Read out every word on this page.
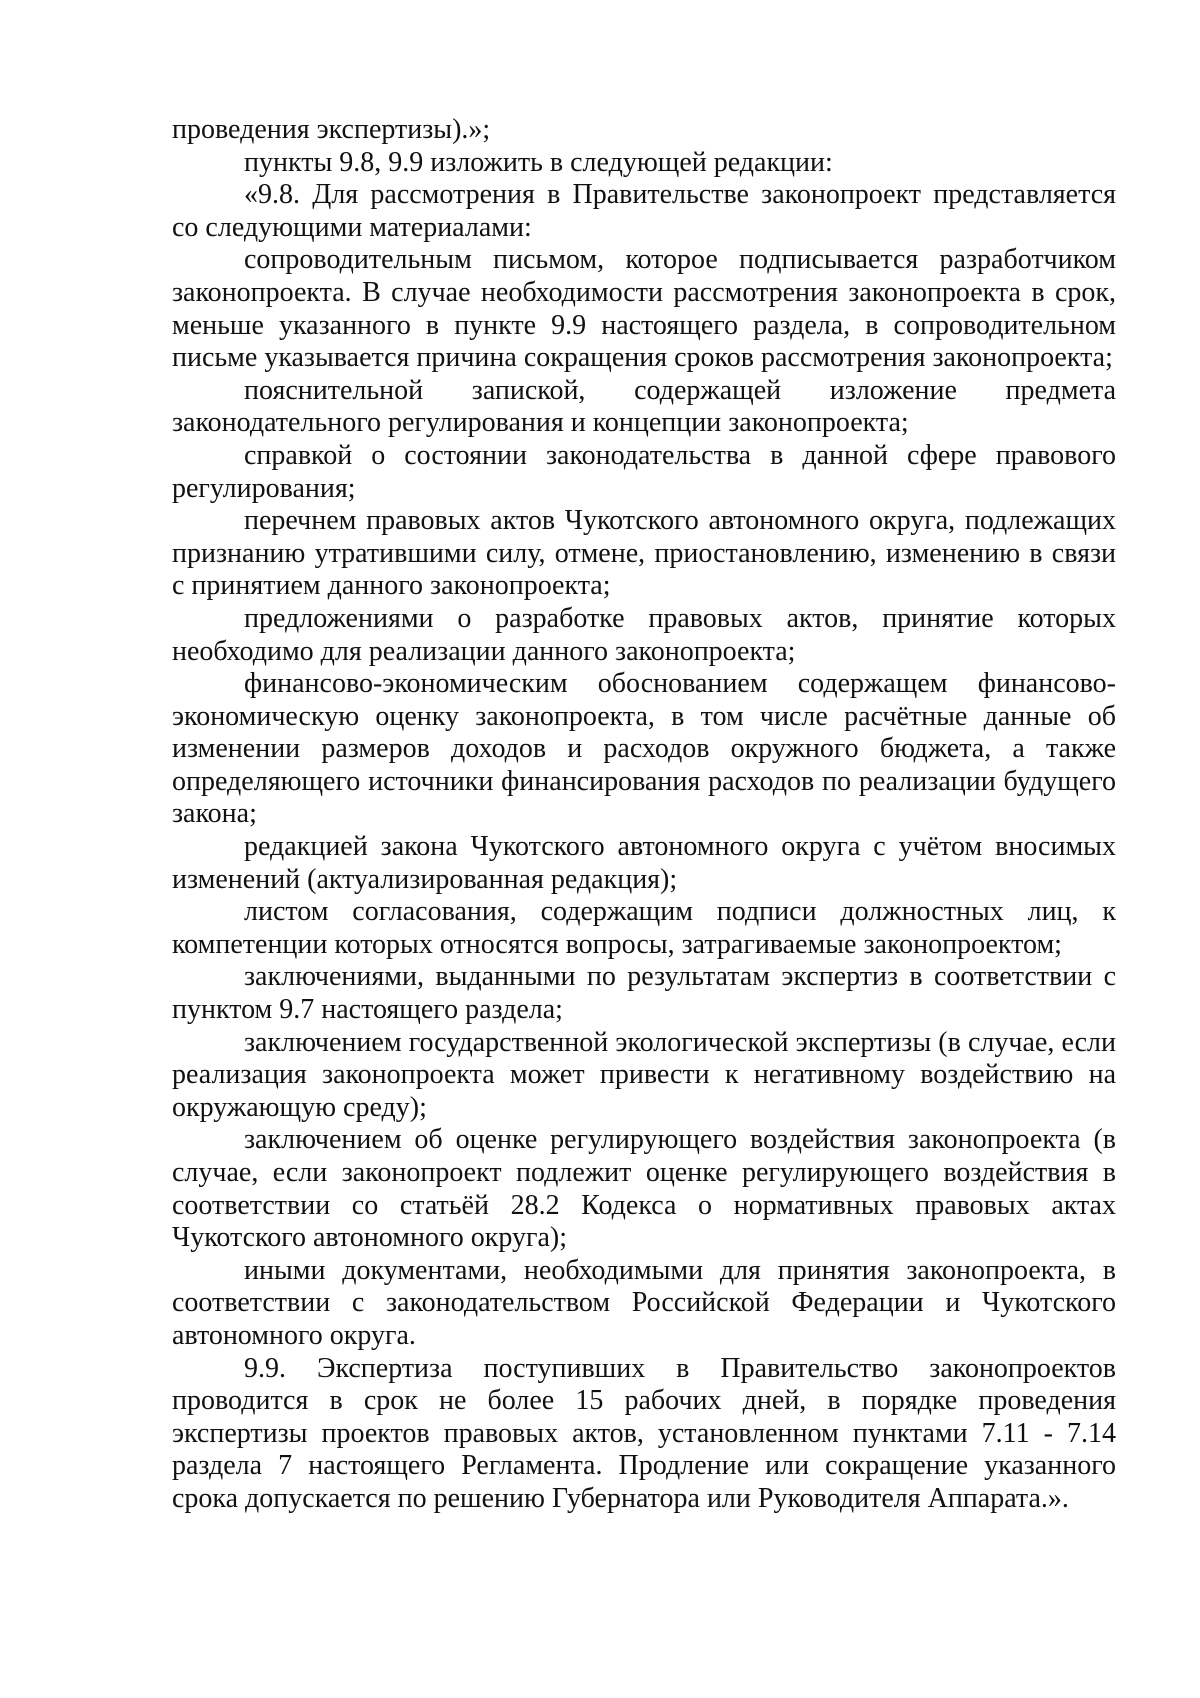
проведения экспертизы).»;

пункты 9.8, 9.9 изложить в следующей редакции:

«9.8. Для рассмотрения в Правительстве законопроект представляется со следующими материалами:

сопроводительным письмом, которое подписывается разработчиком законопроекта. В случае необходимости рассмотрения законопроекта в срок, меньше указанного в пункте 9.9 настоящего раздела, в сопроводительном письме указывается причина сокращения сроков рассмотрения законопроекта;

пояснительной запиской, содержащей изложение предмета законодательного регулирования и концепции законопроекта;

справкой о состоянии законодательства в данной сфере правового регулирования;

перечнем правовых актов Чукотского автономного округа, подлежащих признанию утратившими силу, отмене, приостановлению, изменению в связи с принятием данного законопроекта;

предложениями о разработке правовых актов, принятие которых необходимо для реализации данного законопроекта;

финансово-экономическим обоснованием содержащем финансово-экономическую оценку законопроекта, в том числе расчётные данные об изменении размеров доходов и расходов окружного бюджета, а также определяющего источники финансирования расходов по реализации будущего закона;

редакцией закона Чукотского автономного округа с учётом вносимых изменений (актуализированная редакция);

листом согласования, содержащим подписи должностных лиц, к компетенции которых относятся вопросы, затрагиваемые законопроектом;

заключениями, выданными по результатам экспертиз в соответствии с пунктом 9.7 настоящего раздела;

заключением государственной экологической экспертизы (в случае, если реализация законопроекта может привести к негативному воздействию на окружающую среду);

заключением об оценке регулирующего воздействия законопроекта (в случае, если законопроект подлежит оценке регулирующего воздействия в соответствии со статьёй 28.2 Кодекса о нормативных правовых актах Чукотского автономного округа);

иными документами, необходимыми для принятия законопроекта, в соответствии с законодательством Российской Федерации и Чукотского автономного округа.

9.9. Экспертиза поступивших в Правительство законопроектов проводится в срок не более 15 рабочих дней, в порядке проведения экспертизы проектов правовых актов, установленном пунктами 7.11 - 7.14 раздела 7 настоящего Регламента. Продление или сокращение указанного срока допускается по решению Губернатора или Руководителя Аппарата.».
